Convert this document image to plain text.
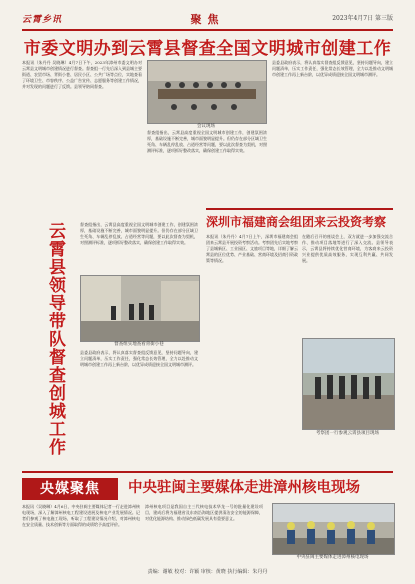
云霄乡讯	聚焦	2023年4月7日 第三版
市委文明办到云霄县督查全国文明城市创建工作
本报讯（朱丹丹 吴晓琳）4月7日下午，2023年漳州市委文明办对云霄县文明城市创建情况进行督查。督查组一行先后深入到县城主要街道、农贸市场、背街小巷、居民小区、公共广场等点位，实地查看了环境卫生、市容秩序、公益广告宣传、志愿服务等创建工作情况，并对发现的问题进行了反馈。县领导陪同督查。
督查组指出，云霄县高度重视全国文明城市创建工作，创建氛围浓厚，基础设施不断完善，城市面貌明显提升。但仍存在部分区域卫生死角、车辆乱停乱放、占道经营等问题，要以此次督查为契机，对照测评标准，逐项抓好整改落实，确保创建工作取得实效。
县委县政府表示，将认真落实督查组反馈意见，坚持问题导向，建立问题清单，压实工作责任，强化常态长效管理，全力以赴推动文明城市创建工作再上新台阶，以优异成绩迎接全国文明城市测评。
会议现场
督查组实地查看背街小巷
云霄县领导带队督查创城工作	督查组指出，云霄县高度重视全国文明城市创建工作，创建氛围浓厚，基础设施不断完善，城市面貌明显提升。但仍存在部分区域卫生死角、车辆乱停乱放、占道经营等问题，要以此次督查为契机，对照测评标准，逐项抓好整改落实，确保创建工作取得实效。
县委县政府表示，将认真落实督查组反馈意见，坚持问题导向，建立问题清单，压实工作责任，强化常态长效管理，全力以赴推动文明城市创建工作再上新台阶，以优异成绩迎接全国文明城市测评。
深圳市福建商会组团来云投资考察
本报讯（朱丹丹）4月7日上午，深圳市福建商会组团来云霄县开展投资考察活动。考察团先后实地考察了县城新区、工业园区、文旅项目等地，详细了解云霄县的区位优势、产业基础、营商环境及招商引资政策等情况。
在随后召开的座谈会上，双方就进一步加强交流合作、推动项目落地等进行了深入交流。县领导表示，云霄县将持续优化营商环境，为客商来云投资兴业提供优质高效服务，实现互利共赢、共同发展。
考察团一行参观云霄县项目现场
央媒聚焦	中央驻闽主要媒体走进漳州核电现场
本报讯（吴晓琳）4月6日，中央驻闽主要媒体记者一行走进漳州核电现场，深入了解漳州核电工程建设进展及核电产业发展情况。记者们参观了核电施工现场，听取了工程建设情况介绍，对漳州核电在安全质量、技术创新等方面取得的成绩给予高度评价。
漳州核电项目是我国自主三代核电技术华龙一号的批量化建设项目，建成后将为福建省及东南沿海地区提供清洁安全的能源保障，对优化能源结构、推动绿色低碳发展具有重要意义。
中央驻闽主要媒体走进漳州核电现场
责编：谢敏 校对：许颖 审核：黄晓 执行编辑：朱丹丹
